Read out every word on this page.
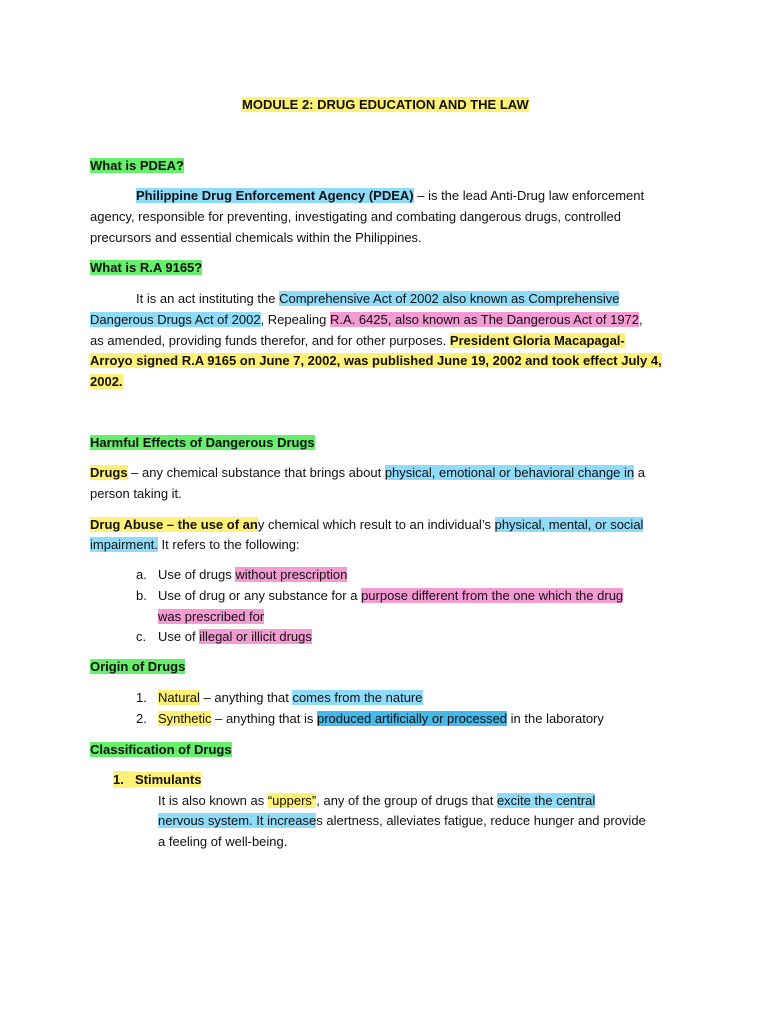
MODULE 2: DRUG EDUCATION AND THE LAW
What is PDEA?
Philippine Drug Enforcement Agency (PDEA) – is the lead Anti-Drug law enforcement
agency, responsible for preventing, investigating and combating dangerous drugs, controlled
precursors and essential chemicals within the Philippines.
What is R.A 9165?
It is an act instituting the Comprehensive Act of 2002 also known as Comprehensive
Dangerous Drugs Act of 2002, Repealing R.A. 6425, also known as The Dangerous Act of 1972,
as amended, providing funds therefor, and for other purposes. President Gloria Macapagal-
Arroyo signed R.A 9165 on June 7, 2002, was published June 19, 2002 and took effect July 4,
2002.
Harmful Effects of Dangerous Drugs
Drugs – any chemical substance that brings about physical, emotional or behavioral change in a
person taking it.
Drug Abuse – the use of any chemical which result to an individual’s physical, mental, or social
impairment. It refers to the following:
a. Use of drugs without prescription
b. Use of drug or any substance for a purpose different from the one which the drug
was prescribed for
c. Use of illegal or illicit drugs
Origin of Drugs
1. Natural – anything that comes from the nature
2. Synthetic – anything that is produced artificially or processed in the laboratory
Classification of Drugs
1. Stimulants
It is also known as “uppers”, any of the group of drugs that excite the central
nervous system. It increases alertness, alleviates fatigue, reduce hunger and provide
a feeling of well-being.
